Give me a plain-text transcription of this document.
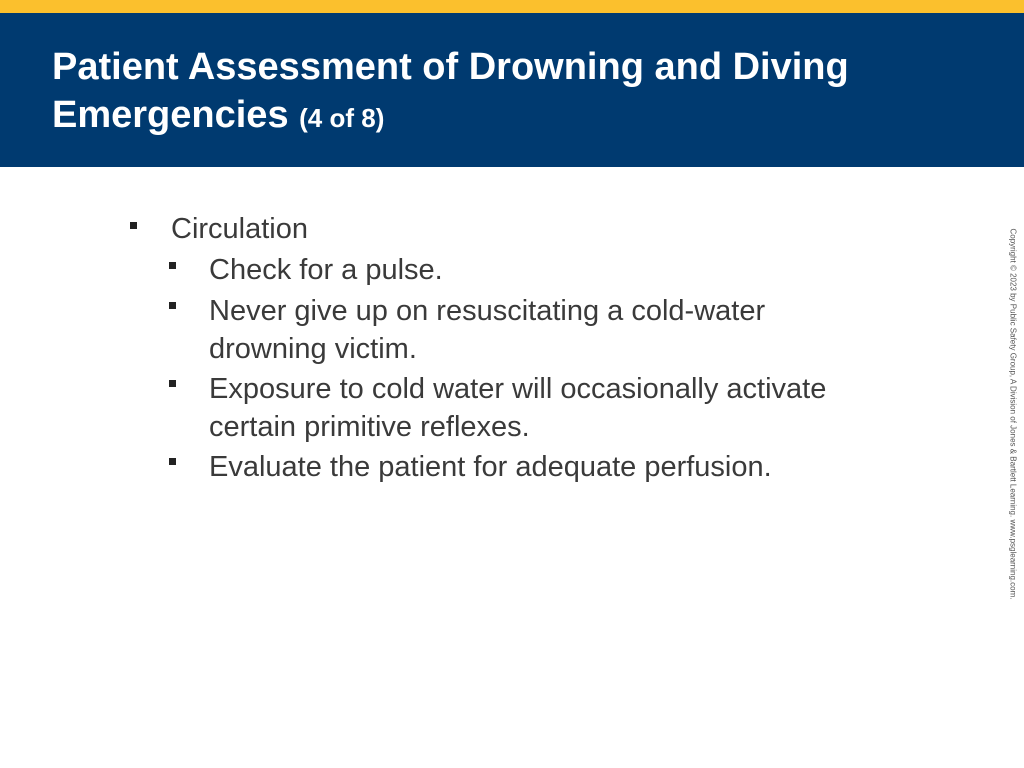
Patient Assessment of Drowning and Diving Emergencies (4 of 8)
Circulation
Check for a pulse.
Never give up on resuscitating a cold-water drowning victim.
Exposure to cold water will occasionally activate certain primitive reflexes.
Evaluate the patient for adequate perfusion.	Copyright © 2023 by Public Safety Group, A Division of Jones & Bartlett Learning. www.psglearning.com.
